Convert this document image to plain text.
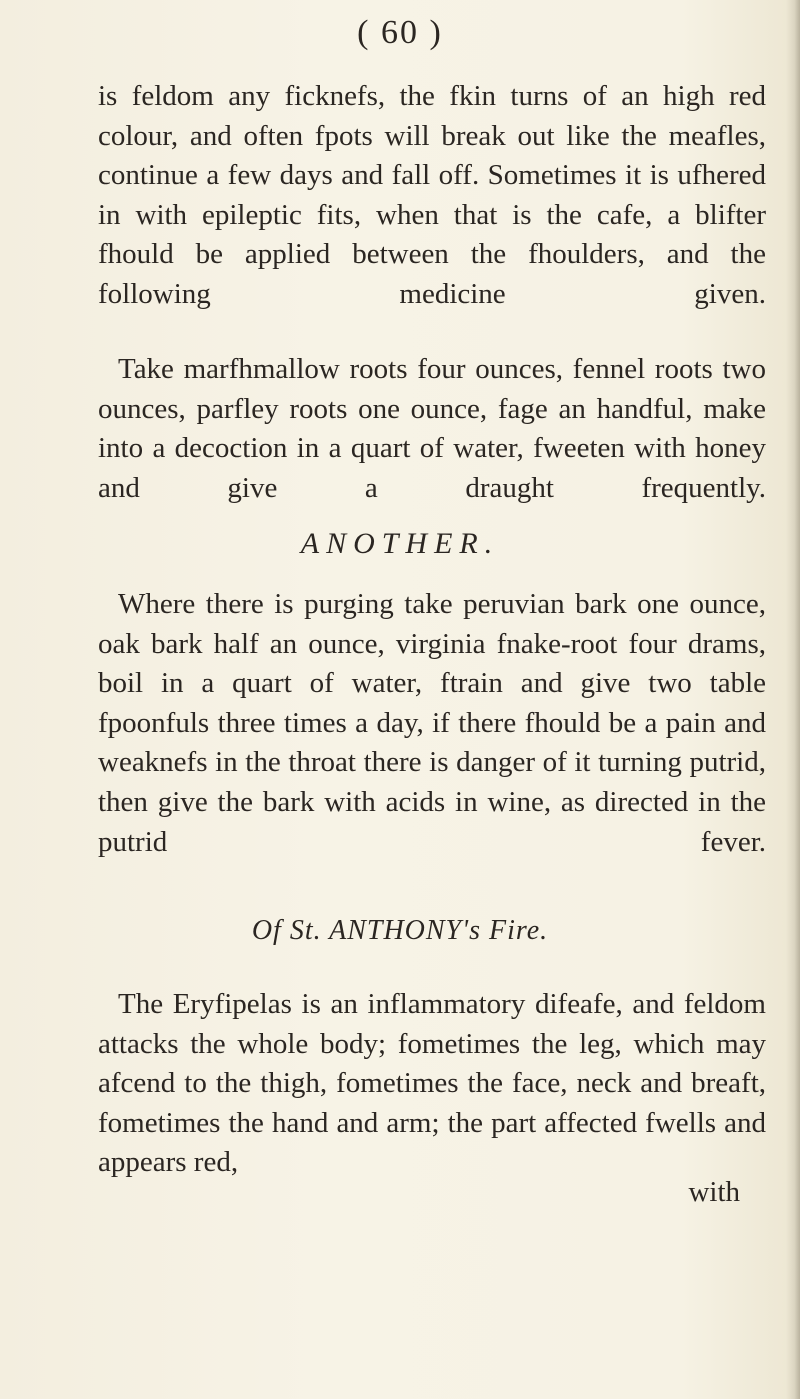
( 60 )

is feldom any ficknefs, the fkin turns of an high red colour, and often fpots will break out like the meafles, continue a few days and fall off. Sometimes it is ufhered in with epileptic fits, when that is the cafe, a blifter fhould be applied between the fhoulders, and the following medicine given.

Take marfhmallow roots four ounces, fennel roots two ounces, parfley roots one ounce, fage an handful, make into a decoction in a quart of water, fweeten with honey and give a draught frequently.

ANOTHER.

Where there is purging take peruvian bark one ounce, oak bark half an ounce, virginia fnake-root four drams, boil in a quart of water, ftrain and give two table fpoonfuls three times a day, if there fhould be a pain and weaknefs in the throat there is danger of it turning putrid, then give the bark with acids in wine, as directed in the putrid fever.

Of St. ANTHONY's Fire.

The Eryfipelas is an inflammatory difeafe, and feldom attacks the whole body; fometimes the leg, which may afcend to the thigh, fometimes the face, neck and breaft, fometimes the hand and arm; the part affected fwells and appears red,

with
